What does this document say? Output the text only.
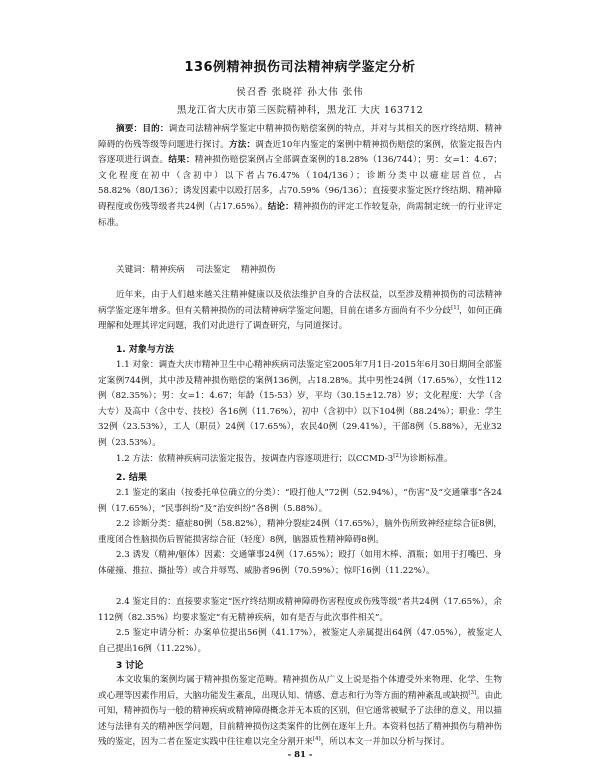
136例精神损伤司法精神病学鉴定分析
侯召香 张晓祥 孙大伟 张伟
黑龙江省大庆市第三医院精神科，黑龙江 大庆 163712

摘要：目的：调查司法精神病学鉴定中精神损伤赔偿案例的特点，并对与其相关的医疗终结期、精神障碍的伤残等级等问题进行探讨。方法：调查近10年内鉴定的案例中精神损伤赔偿的案例，依鉴定报告内容逐项进行调查。结果：精神损伤赔偿案例占全部调查案例的18.28%（136/744）；男：女=1：4.67；文化程度在初中（含初中）以下者占76.47%（104/136）；诊断分类中以癔症居首位，占58.82%（80/136）；诱发因素中以殴打居多，占70.59%（96/136）；直接要求鉴定医疗终结期、精神障碍程度或伤残等级者共24例（占17.65%）。结论：精神损伤的评定工作较复杂，尚需制定统一的行业评定标准。

关键词：精神疾病    司法鉴定    精神损伤

近年来，由于人们越来越关注精神健康以及依法维护自身的合法权益，以至涉及精神损伤的司法精神病学鉴定逐年增多。但有关精神损伤的司法精神病学鉴定问题，目前在诸多方面尚有不少分歧[1]，如何正确理解和处理其评定问题，我们对此进行了调查研究，与同道探讨。

1. 对象与方法

1.1 对象：调查大庆市精神卫生中心精神疾病司法鉴定室2005年7月1日-2015年6月30日期间全部鉴定案例744例，其中涉及精神损伤赔偿的案例136例，占18.28%。其中男性24例（17.65%），女性112例（82.35%）；男：女=1：4.67；年龄（15-53）岁，平均（30.15±12.78）岁；文化程度：大学（含大专）及高中（含中专、技校）各16例（11.76%），初中（含初中）以下104例（88.24%）；职业：学生32例（23.53%），工人（职员）24例（17.65%），农民40例（29.41%），干部8例（5.88%），无业32例（23.53%）。

1.2 方法：依精神疾病司法鉴定报告，按调查内容逐项进行；以CCMD-3[2]为诊断标准。

2. 结果

2.1 鉴定的案由（按委托单位确立的分类）：“殴打他人”72例（52.94%），“伤害”及“交通肇事”各24例（17.65%），“民事纠纷”及“治安纠纷”各8例（5.88%）。

2.2 诊断分类：癔症80例（58.82%），精神分裂症24例（17.65%），脑外伤所致神经症综合征8例，重度闭合性脑损伤后智能损害综合征（轻度）8例，脑器质性精神障碍8例。

2.3 诱发（精神/躯体）因素：交通肇事24例（17.65%）；殴打（如用木棒、酒瓶；如用于打嘴巴、身体碰撞、推拉、撕扯等）或合并辱骂、威胁者96例（70.59%）；惊吓16例（11.22%）。

2.4 鉴定目的：直接要求鉴定“医疗终结期或精神障碍伤害程度或伤残等级”者共24例（17.65%），余112例（82.35%）均要求鉴定“有无精神疾病，如有是否与此次事件相关”。

2.5 鉴定申请分析：办案单位提出56例（41.17%），被鉴定人亲属提出64例（47.05%），被鉴定人自己提出16例（11.22%）。

3 讨论

本文收集的案例均属于精神损伤鉴定范畴。精神损伤从广义上说是指个体遭受外来物理、化学、生物或心理等因素作用后，大脑功能发生紊乱，出现认知、情感、意志和行为等方面的精神紊乱或缺损[3]。由此可知，精神损伤与一般的精神疾病或精神障碍概念并无本质的区别，但它通常被赋予了法律的意义，用以描述与法律有关的精神医学问题，目前精神损伤这类案件的比例在逐年上升。本资料包括了精神损伤与精神伤残的鉴定，因为二者在鉴定实践中往往难以完全分割开来[4]，所以本文一并加以分析与探讨。

- 81 -
